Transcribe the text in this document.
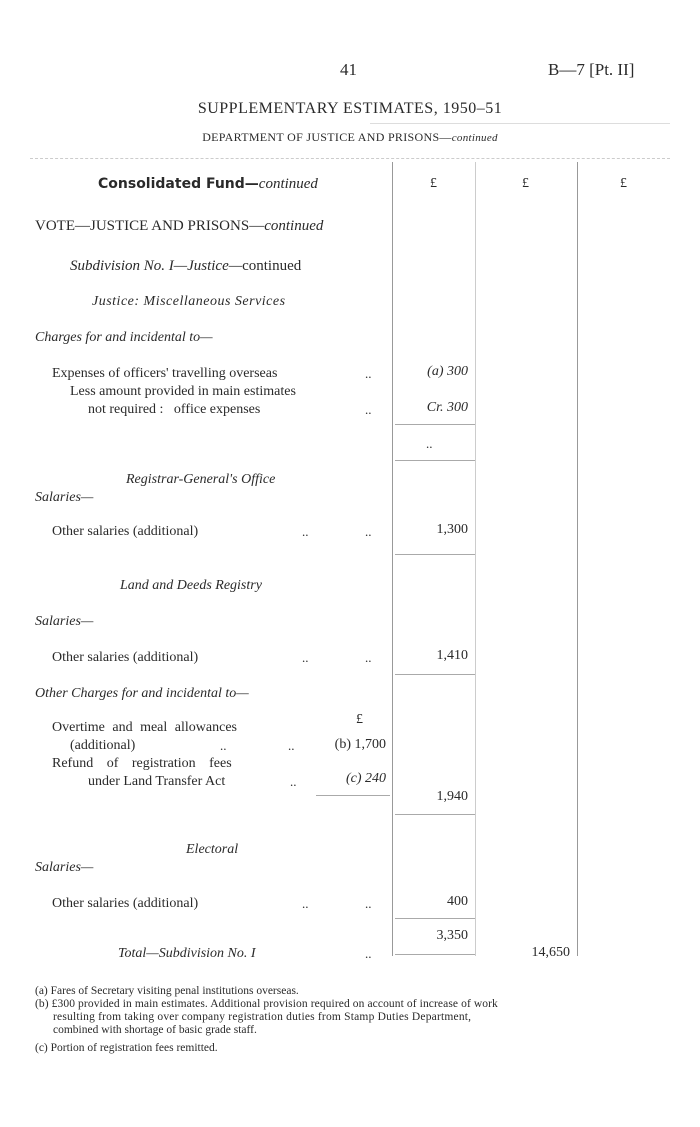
41	B—7 [Pt. II]
SUPPLEMENTARY ESTIMATES, 1950–51
DEPARTMENT OF JUSTICE AND PRISONS—continued
£	£	£
Consolidated Fund—continued
VOTE—JUSTICE AND PRISONS—continued
Subdivision No. I—Justice—continued
Justice: Miscellaneous Services
Charges for and incidental to—
Expenses of officers' travelling overseas	..	(a) 300
Less amount provided in main estimates
not required : office expenses	..	Cr. 300
..
Registrar-General's Office
Salaries—
Other salaries (additional)	..	..	1,300
Land and Deeds Registry
Salaries—
Other salaries (additional)	..	..	1,410
Other Charges for and incidental to—
£
Overtime and meal allowances
(additional)	..	..	(b) 1,700
Refund of registration fees
under Land Transfer Act	..	(c) 240
1,940
Electoral
Salaries—
Other salaries (additional)	..	..	400
3,350
Total—Subdivision No. I	..	14,650
(a) Fares of Secretary visiting penal institutions overseas.
(b) £300 provided in main estimates. Additional provision required on account of increase of work
resulting from taking over company registration duties from Stamp Duties Department,
combined with shortage of basic grade staff.
(c) Portion of registration fees remitted.
